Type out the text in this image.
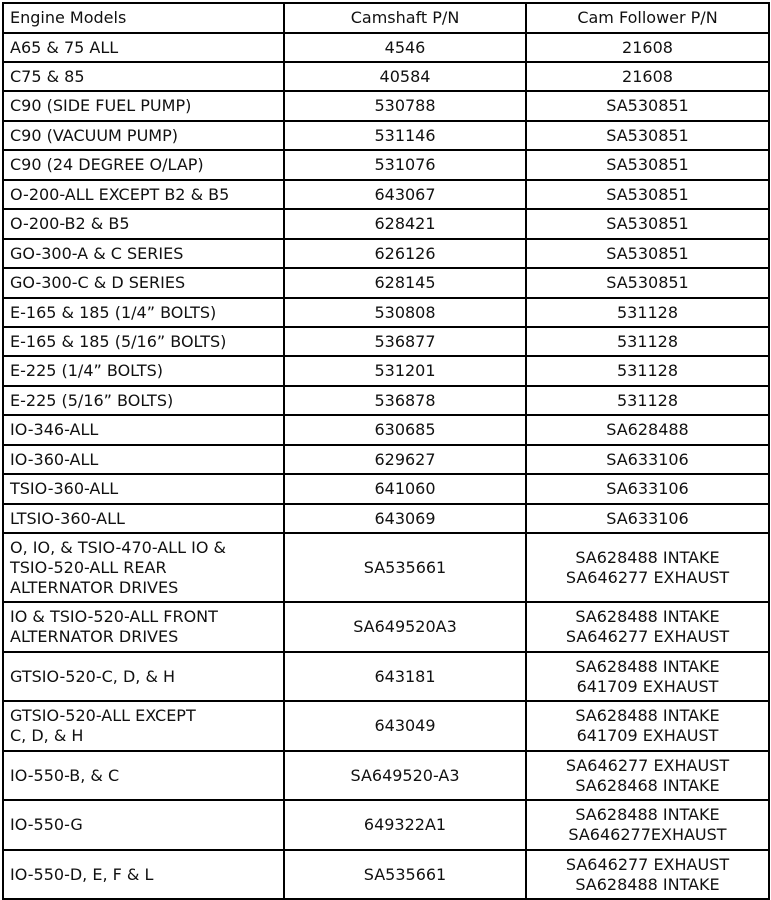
Engine Models	Camshaft P/N	Cam Follower P/N

A65 & 75 ALL	4546	21608

C75 & 85	40584	21608

C90 (SIDE FUEL PUMP)	530788	SA530851

C90 (VACUUM PUMP)	531146	SA530851

C90 (24 DEGREE O/LAP)	531076	SA530851

O-200-ALL EXCEPT B2 & B5	643067	SA530851

O-200-B2 & B5	628421	SA530851

GO-300-A & C SERIES	626126	SA530851

GO-300-C & D SERIES	628145	SA530851

E-165 & 185 (1/4” BOLTS)	530808	531128

E-165 & 185 (5/16” BOLTS)	536877	531128

E-225 (1/4” BOLTS)	531201	531128

E-225 (5/16” BOLTS)	536878	531128

IO-346-ALL	630685	SA628488

IO-360-ALL	629627	SA633106

TSIO-360-ALL	641060	SA633106

LTSIO-360-ALL	643069	SA633106

O, IO, & TSIO-470-ALL IO &
TSIO-520-ALL REAR
ALTERNATOR DRIVES	SA535661	SA628488 INTAKE
SA646277 EXHAUST

IO & TSIO-520-ALL FRONT
ALTERNATOR DRIVES	SA649520A3	SA628488 INTAKE
SA646277 EXHAUST

GTSIO-520-C, D, & H	643181	SA628488 INTAKE
641709 EXHAUST

GTSIO-520-ALL EXCEPT
C, D, & H	643049	SA628488 INTAKE
641709 EXHAUST

IO-550-B, & C	SA649520-A3	SA646277 EXHAUST
SA628468 INTAKE

IO-550-G	649322A1	SA628488 INTAKE
SA646277EXHAUST

IO-550-D, E, F & L	SA535661	SA646277 EXHAUST
SA628488 INTAKE
